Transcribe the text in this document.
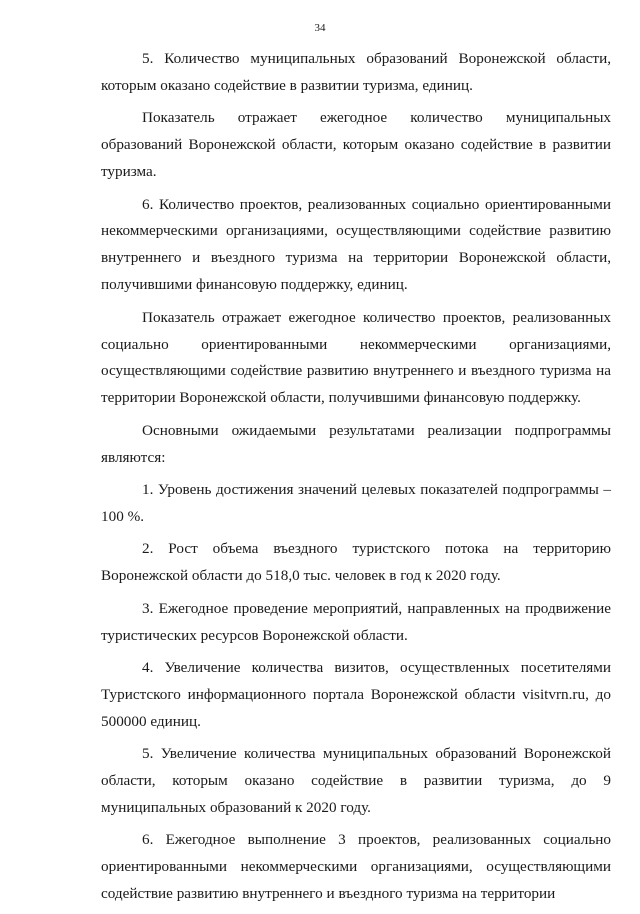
34

5. Количество муниципальных образований Воронежской области, которым оказано содействие в развитии туризма, единиц.

Показатель отражает ежегодное количество муниципальных образований Воронежской области, которым оказано содействие в развитии туризма.

6. Количество проектов, реализованных социально ориентированными некоммерческими организациями, осуществляющими содействие развитию внутреннего и въездного туризма на территории Воронежской области, получившими финансовую поддержку, единиц.

Показатель отражает ежегодное количество проектов, реализованных социально ориентированными некоммерческими организациями, осуществляющими содействие развитию внутреннего и въездного туризма на территории Воронежской области, получившими финансовую поддержку.

Основными ожидаемыми результатами реализации подпрограммы являются:

1. Уровень достижения значений целевых показателей подпрограммы – 100 %.

2. Рост объема въездного туристского потока на территорию Воронежской области до 518,0 тыс. человек в год к 2020 году.

3. Ежегодное проведение мероприятий, направленных на продвижение туристических ресурсов Воронежской области.

4. Увеличение количества визитов, осуществленных посетителями Туристского информационного портала Воронежской области visitvrn.ru, до 500000 единиц.

5. Увеличение количества муниципальных образований Воронежской области, которым оказано содействие в развитии туризма, до 9 муниципальных образований к 2020 году.

6. Ежегодное выполнение 3 проектов, реализованных социально ориентированными некоммерческими организациями, осуществляющими содействие развитию внутреннего и въездного туризма на территории
